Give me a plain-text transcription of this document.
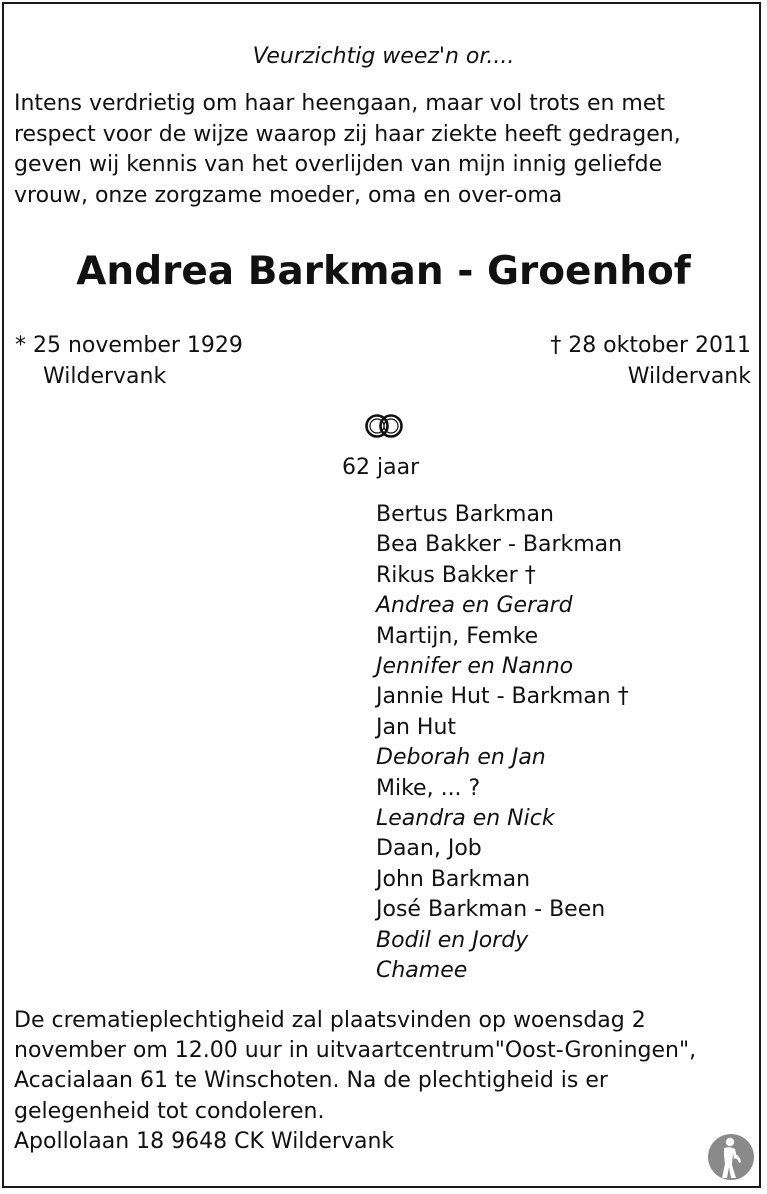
Veurzichtig weez'n or....
Intens verdrietig om haar heengaan, maar vol trots en met
respect voor de wijze waarop zij haar ziekte heeft gedragen,
geven wij kennis van het overlijden van mijn innig geliefde
vrouw, onze zorgzame moeder, oma en over-oma
Andrea Barkman - Groenhof
* 25 november 1929
Wildervank
† 28 oktober 2011
Wildervank
62 jaar
Bertus Barkman
Bea Bakker - Barkman
Rikus Bakker †
Andrea en Gerard
Martijn, Femke
Jennifer en Nanno
Jannie Hut - Barkman †
Jan Hut
Deborah en Jan
Mike, ... ?
Leandra en Nick
Daan, Job
John Barkman
José Barkman - Been
Bodil en Jordy
Chamee
De crematieplechtigheid zal plaatsvinden op woensdag 2
november om 12.00 uur in uitvaartcentrum"Oost-Groningen",
Acacialaan 61 te Winschoten. Na de plechtigheid is er
gelegenheid tot condoleren.
Apollolaan 18 9648 CK Wildervank
